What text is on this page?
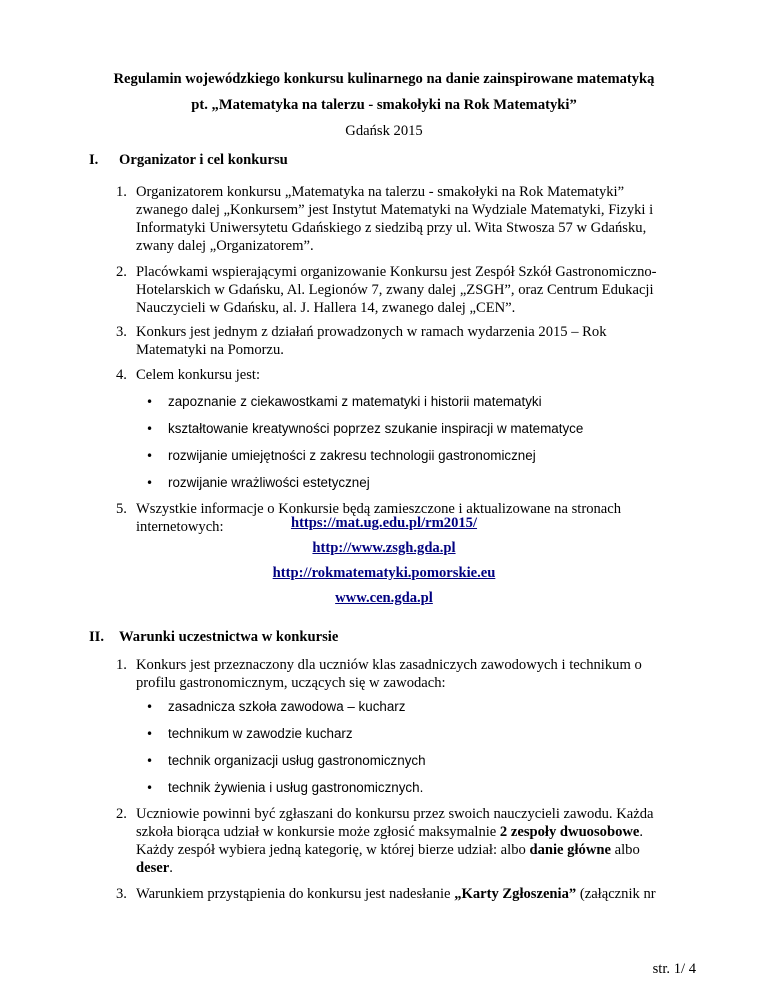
Regulamin wojewódzkiego konkursu kulinarnego na danie zainspirowane matematyką
pt. „Matematyka na talerzu - smakołyki na Rok Matematyki”
Gdańsk 2015
I.	Organizator i cel konkursu
1. Organizatorem konkursu „Matematyka na talerzu - smakołyki na Rok Matematyki”
zwanego dalej „Konkursem” jest Instytut Matematyki na Wydziale Matematyki, Fizyki i
Informatyki Uniwersytetu Gdańskiego z siedzibą przy ul. Wita Stwosza 57 w Gdańsku,
zwany dalej „Organizatorem”.
2. Placówkami wspierającymi organizowanie Konkursu jest Zespół Szkół Gastronomiczno-
Hotelarskich w Gdańsku, Al. Legionów 7, zwany dalej „ZSGH”, oraz Centrum Edukacji
Nauczycieli w Gdańsku, al. J. Hallera 14, zwanego dalej „CEN”.
3. Konkurs jest jednym z działań prowadzonych w ramach wydarzenia 2015 – Rok
Matematyki na Pomorzu.
4. Celem konkursu jest:
• zapoznanie z ciekawostkami z matematyki i historii matematyki
• kształtowanie kreatywności poprzez szukanie inspiracji w matematyce
• rozwijanie umiejętności z zakresu technologii gastronomicznej
• rozwijanie wrażliwości estetycznej
5. Wszystkie informacje o Konkursie będą zamieszczone i aktualizowane na stronach
internetowych:	https://mat.ug.edu.pl/rm2015/
http://www.zsgh.gda.pl
http://rokmatematyki.pomorskie.eu
www.cen.gda.pl
II.	Warunki uczestnictwa w konkursie
1. Konkurs jest przeznaczony dla uczniów klas zasadniczych zawodowych i technikum o
profilu gastronomicznym, uczących się w zawodach:
• zasadnicza szkoła zawodowa – kucharz
• technikum w zawodzie kucharz
• technik organizacji usług gastronomicznych
• technik żywienia i usług gastronomicznych.
2. Uczniowie powinni być zgłaszani do konkursu przez swoich nauczycieli zawodu. Każda
szkoła biorąca udział w konkursie może zgłosić maksymalnie 2 zespoły dwuosobowe.
Każdy zespół wybiera jedną kategorię, w której bierze udział: albo danie główne albo
deser.
3. Warunkiem przystąpienia do konkursu jest nadesłanie „Karty Zgłoszenia” (załącznik nr
str. 1/ 4
